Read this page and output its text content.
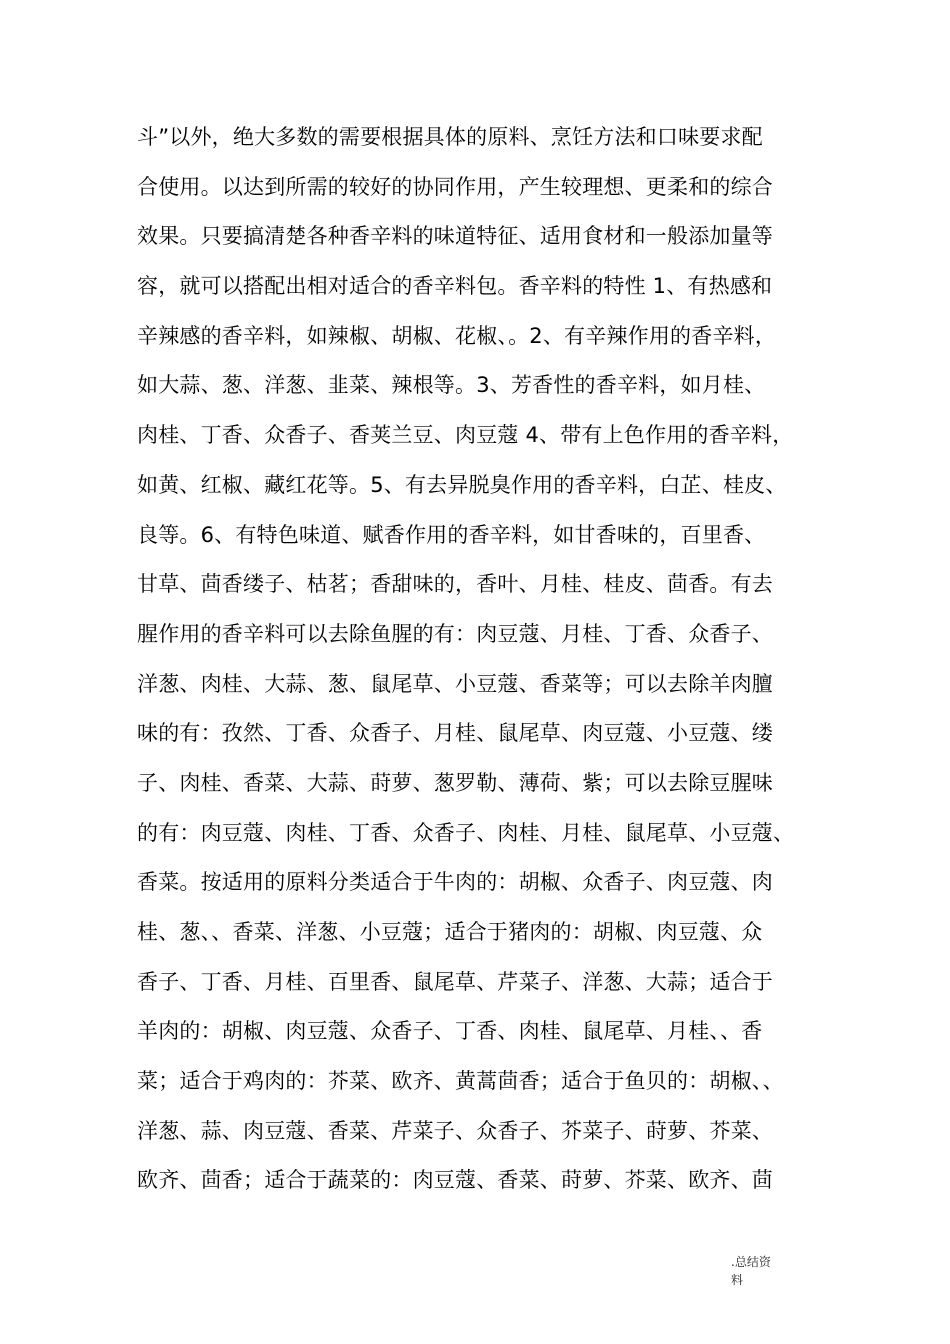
斗”以外，绝大多数的需要根据具体的原料、烹饪方法和口味要求配
合使用。以达到所需的较好的协同作用，产生较理想、更柔和的综合
效果。只要搞清楚各种香辛料的味道特征、适用食材和一般添加量等
容，就可以搭配出相对适合的香辛料包。香辛料的特性 1、有热感和
辛辣感的香辛料，如辣椒、胡椒、花椒、。2、有辛辣作用的香辛料，
如大蒜、葱、洋葱、韭菜、辣根等。3、芳香性的香辛料，如月桂、
肉桂、丁香、众香子、香荚兰豆、肉豆蔻 4、带有上色作用的香辛料，
如黄、红椒、藏红花等。5、有去异脱臭作用的香辛料，白芷、桂皮、
良等。6、有特色味道、赋香作用的香辛料，如甘香味的，百里香、
甘草、茴香缕子、枯茗；香甜味的，香叶、月桂、桂皮、茴香。有去
腥作用的香辛料可以去除鱼腥的有：肉豆蔻、月桂、丁香、众香子、
洋葱、肉桂、大蒜、葱、鼠尾草、小豆蔻、香菜等；可以去除羊肉膻
味的有：孜然、丁香、众香子、月桂、鼠尾草、肉豆蔻、小豆蔻、缕
子、肉桂、香菜、大蒜、莳萝、葱罗勒、薄荷、紫；可以去除豆腥味
的有：肉豆蔻、肉桂、丁香、众香子、肉桂、月桂、鼠尾草、小豆蔻、
香菜。按适用的原料分类适合于牛肉的：胡椒、众香子、肉豆蔻、肉
桂、葱、、香菜、洋葱、小豆蔻；适合于猪肉的：胡椒、肉豆蔻、众
香子、丁香、月桂、百里香、鼠尾草、芹菜子、洋葱、大蒜；适合于
羊肉的：胡椒、肉豆蔻、众香子、丁香、肉桂、鼠尾草、月桂、、香
菜；适合于鸡肉的：芥菜、欧齐、黄蒿茴香；适合于鱼贝的：胡椒、、
洋葱、蒜、肉豆蔻、香菜、芹菜子、众香子、芥菜子、莳萝、芥菜、
欧齐、茴香；适合于蔬菜的：肉豆蔻、香菜、莳萝、芥菜、欧齐、茴
.总结资
料
